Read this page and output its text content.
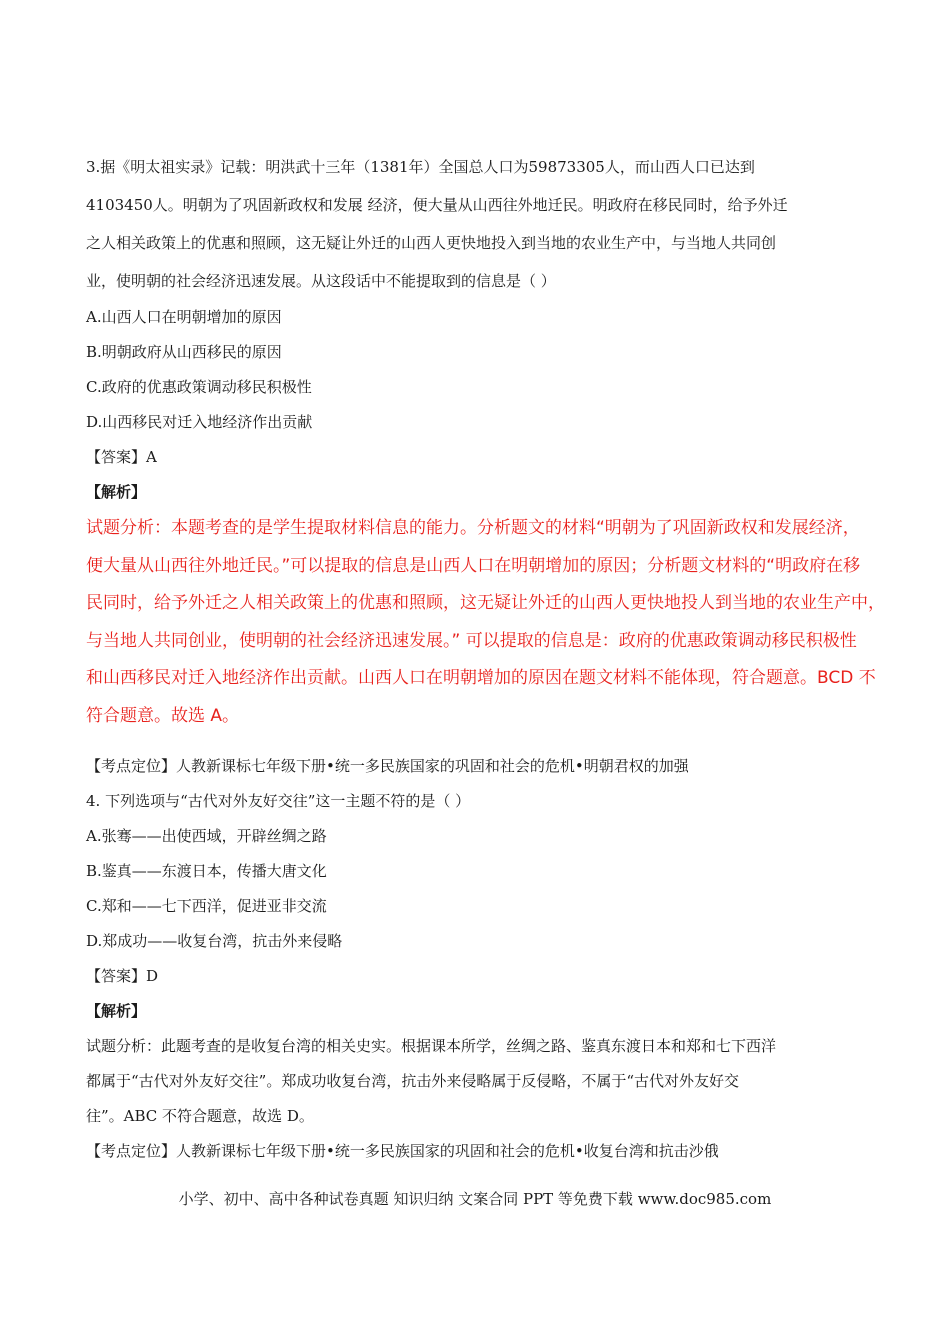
3.据《明太祖实录》记载：明洪武十三年（1381年）全国总人口为59873305人，而山西人口已达到

4103450人。明朝为了巩固新政权和发展 经济，便大量从山西往外地迁民。明政府在移民同时，给予外迁

之人相关政策上的优惠和照顾，这无疑让外迁的山西人更快地投入到当地的农业生产中，与当地人共同创

业，使明朝的社会经济迅速发展。从这段话中不能提取到的信息是（ ）

A.山西人口在明朝增加的原因

B.明朝政府从山西移民的原因

C.政府的优惠政策调动移民积极性

D.山西移民对迁入地经济作出贡献

【答案】A

【解析】

试题分析：本题考查的是学生提取材料信息的能力。分析题文的材料“明朝为了巩固新政权和发展经济，

便大量从山西往外地迁民。”可以提取的信息是山西人口在明朝增加的原因；分析题文材料的“明政府在移

民同时，给予外迁之人相关政策上的优惠和照顾，这无疑让外迁的山西人更快地投人到当地的农业生产中，

与当地人共同创业，使明朝的社会经济迅速发展。” 可以提取的信息是：政府的优惠政策调动移民积极性

和山西移民对迁入地经济作出贡献。山西人口在明朝增加的原因在题文材料不能体现，符合题意。BCD 不

符合题意。故选 A。

【考点定位】人教新课标七年级下册•统一多民族国家的巩固和社会的危机•明朝君权的加强

4. 下列选项与“古代对外友好交往”这一主题不符的是（ ）

A.张骞——出使西域，开辟丝绸之路

B.鉴真——东渡日本，传播大唐文化

C.郑和——七下西洋，促进亚非交流

D.郑成功——收复台湾，抗击外来侵略

【答案】D

【解析】

试题分析：此题考查的是收复台湾的相关史实。根据课本所学，丝绸之路、鉴真东渡日本和郑和七下西洋

都属于“古代对外友好交往”。郑成功收复台湾，抗击外来侵略属于反侵略，不属于“古代对外友好交

往”。ABC 不符合题意，故选 D。

【考点定位】人教新课标七年级下册•统一多民族国家的巩固和社会的危机•收复台湾和抗击沙俄

小学、初中、高中各种试卷真题 知识归纳 文案合同 PPT 等免费下载 www.doc985.com
